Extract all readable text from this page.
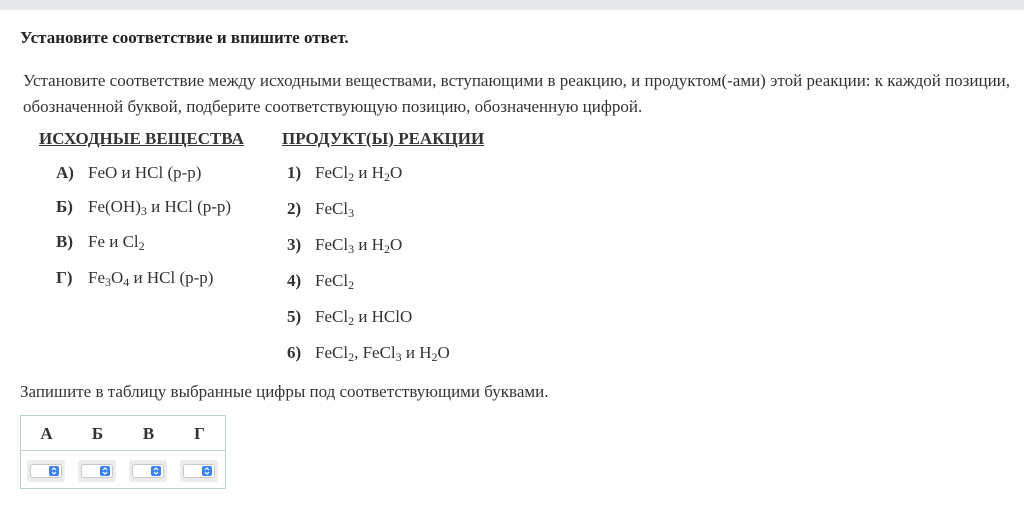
Установите соответствие и впишите ответ.
Установите соответствие между исходными веществами, вступающими в реакцию, и продуктом(-ами) этой реакции: к каждой позиции, обозначенной буквой, подберите соответствующую позицию, обозначенную цифрой.
ИСХОДНЫЕ ВЕЩЕСТВА ПРОДУКТ(Ы) РЕАКЦИИ
А) FeO и HCl (р-р)
Б) $Fe(OH)_3$ и HCl (р-р)
В) Fe и $Cl_2$
Г) $Fe_3O_4$ и HCl (р-р)
1) FeCl$_2$ и $H_2O$
2) FeCl$_3$
3) FeCl$_3$ и $H_2O$
4) FeCl$_2$
5) FeCl$_2$ и HClO
6) FeCl$_2$, FeCl$_3$ и $H_2O$
Запишите в таблицу выбранные цифры под соответствующими буквами.
А	Б	В	Г
